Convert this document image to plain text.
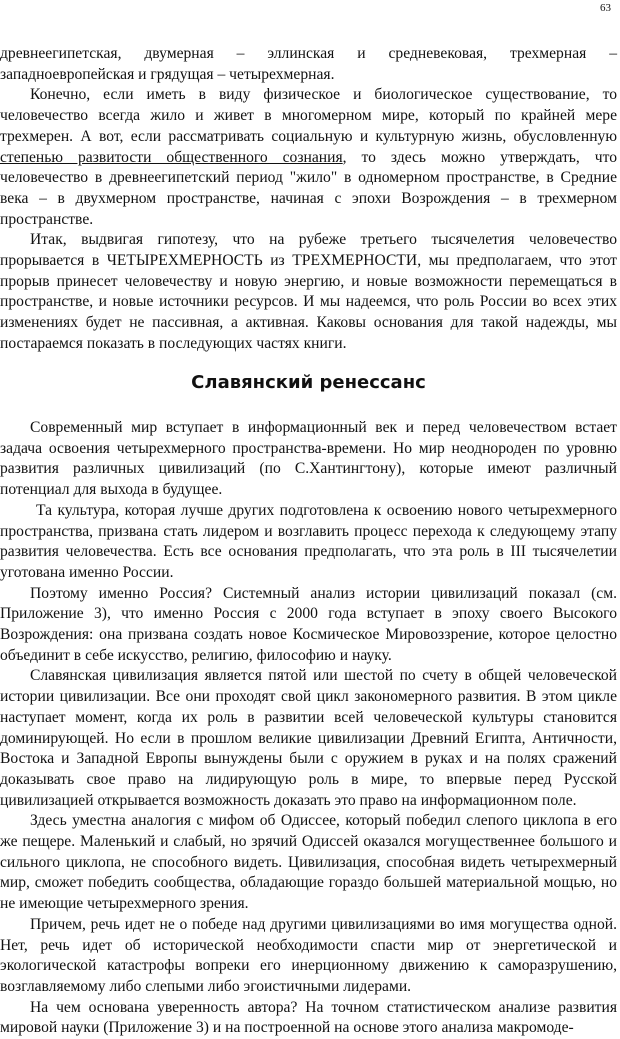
63

древнеегипетская, двумерная – эллинская и средневековая, трехмерная – западноевропейская и грядущая – четырехмерная.

Конечно, если иметь в виду физическое и биологическое существование, то человечество всегда жило и живет в многомерном мире, который по крайней мере трехмерен. А вот, если рассматривать социальную и культурную жизнь, обусловленную степенью развитости общественного сознания, то здесь можно утверждать, что человечество в древнеегипетский период "жило" в одномерном пространстве, в Средние века – в двухмерном пространстве, начиная с эпохи Возрождения – в трехмерном пространстве.

Итак, выдвигая гипотезу, что на рубеже третьего тысячелетия человечество прорывается в ЧЕТЫРЕХМЕРНОСТЬ из ТРЕХМЕРНОСТИ, мы предполагаем, что этот прорыв принесет человечеству и новую энергию, и новые возможности перемещаться в пространстве, и новые источники ресурсов. И мы надеемся, что роль России во всех этих изменениях будет не пассивная, а активная. Каковы основания для такой надежды, мы постараемся показать в последующих частях книги.

Славянский ренессанс

Современный мир вступает в информационный век и перед человечеством встает задача освоения четырехмерного пространства-времени. Но мир неоднороден по уровню развития различных цивилизаций (по С.Хантингтону), которые имеют различный потенциал для выхода в будущее.

Та культура, которая лучше других подготовлена к освоению нового четырехмерного пространства, призвана стать лидером и возглавить процесс перехода к следующему этапу развития человечества. Есть все основания предполагать, что эта роль в III тысячелетии уготована именно России.

Поэтому именно Россия? Системный анализ истории цивилизаций показал (см. Приложение 3), что именно Россия с 2000 года вступает в эпоху своего Высокого Возрождения: она призвана создать новое Космическое Мировоззрение, которое целостно объединит в себе искусство, религию, философию и науку.

Славянская цивилизация является пятой или шестой по счету в общей человеческой истории цивилизации. Все они проходят свой цикл закономерного развития. В этом цикле наступает момент, когда их роль в развитии всей человеческой культуры становится доминирующей. Но если в прошлом великие цивилизации Древний Египта, Античности, Востока и Западной Европы вынуждены были с оружием в руках и на полях сражений доказывать свое право на лидирующую роль в мире, то впервые перед Русской цивилизацией открывается возможность доказать это право на информационном поле.

Здесь уместна аналогия с мифом об Одиссее, который победил слепого циклопа в его же пещере. Маленький и слабый, но зрячий Одиссей оказался могущественнее большого и сильного циклопа, не способного видеть. Цивилизация, способная видеть четырехмерный мир, сможет победить сообщества, обладающие гораздо большей материальной мощью, но не имеющие четырехмерного зрения.

Причем, речь идет не о победе над другими цивилизациями во имя могущества одной. Нет, речь идет об исторической необходимости спасти мир от энергетической и экологической катастрофы вопреки его инерционному движению к саморазрушению, возглавляемому либо слепыми либо эгоистичными лидерами.

На чем основана уверенность автора? На точном статистическом анализе развития мировой науки (Приложение 3) и на построенной на основе этого анализа макромоде-
